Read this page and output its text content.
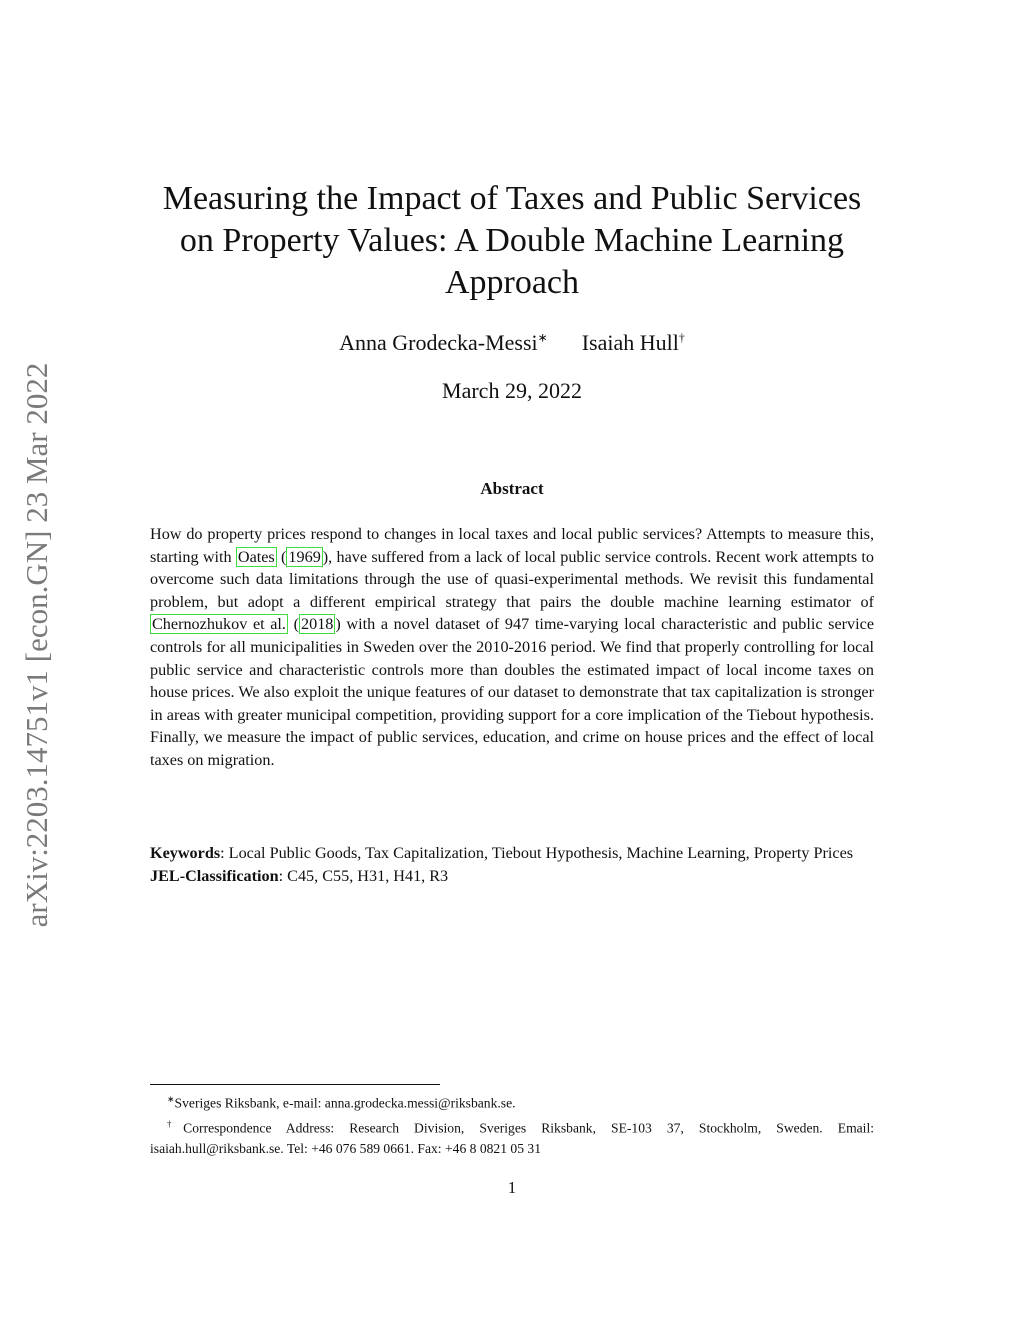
arXiv:2203.14751v1 [econ.GN] 23 Mar 2022
Measuring the Impact of Taxes and Public Services
on Property Values: A Double Machine Learning
Approach
Anna Grodecka-Messi∗ Isaiah Hull†
March 29, 2022
Abstract
How do property prices respond to changes in local taxes and local public services? Attempts to measure this, starting with Oates ( 1969 ), have suffered from a lack of local public service controls. Recent work attempts to overcome such data limitations through the use of quasi-experimental methods. We revisit this fundamental problem, but adopt a different empirical strategy that pairs the double machine learning estimator of Chernozhukov et al. ( 2018 ) with a novel dataset of 947 time-varying local characteristic and public service controls for all municipalities in Sweden over the 2010-2016 period. We find that properly controlling for local public service and characteristic controls more than doubles the estimated impact of local income taxes on house prices. We also exploit the unique features of our dataset to demonstrate that tax capitalization is stronger in areas with greater municipal competition, providing support for a core implication of the Tiebout hypothesis. Finally, we measure the impact of public services, education, and crime on house prices and the effect of local taxes on migration.
Keywords: Local Public Goods, Tax Capitalization, Tiebout Hypothesis, Machine Learning, Property Prices
JEL-Classification: C45, C55, H31, H41, R3
∗Sveriges Riksbank, e-mail: anna.grodecka.messi@riksbank.se.
†Correspondence Address: Research Division, Sveriges Riksbank, SE-103 37, Stockholm, Sweden. Email: isaiah.hull@riksbank.se. Tel: +46 076 589 0661. Fax: +46 8 0821 05 31
1
